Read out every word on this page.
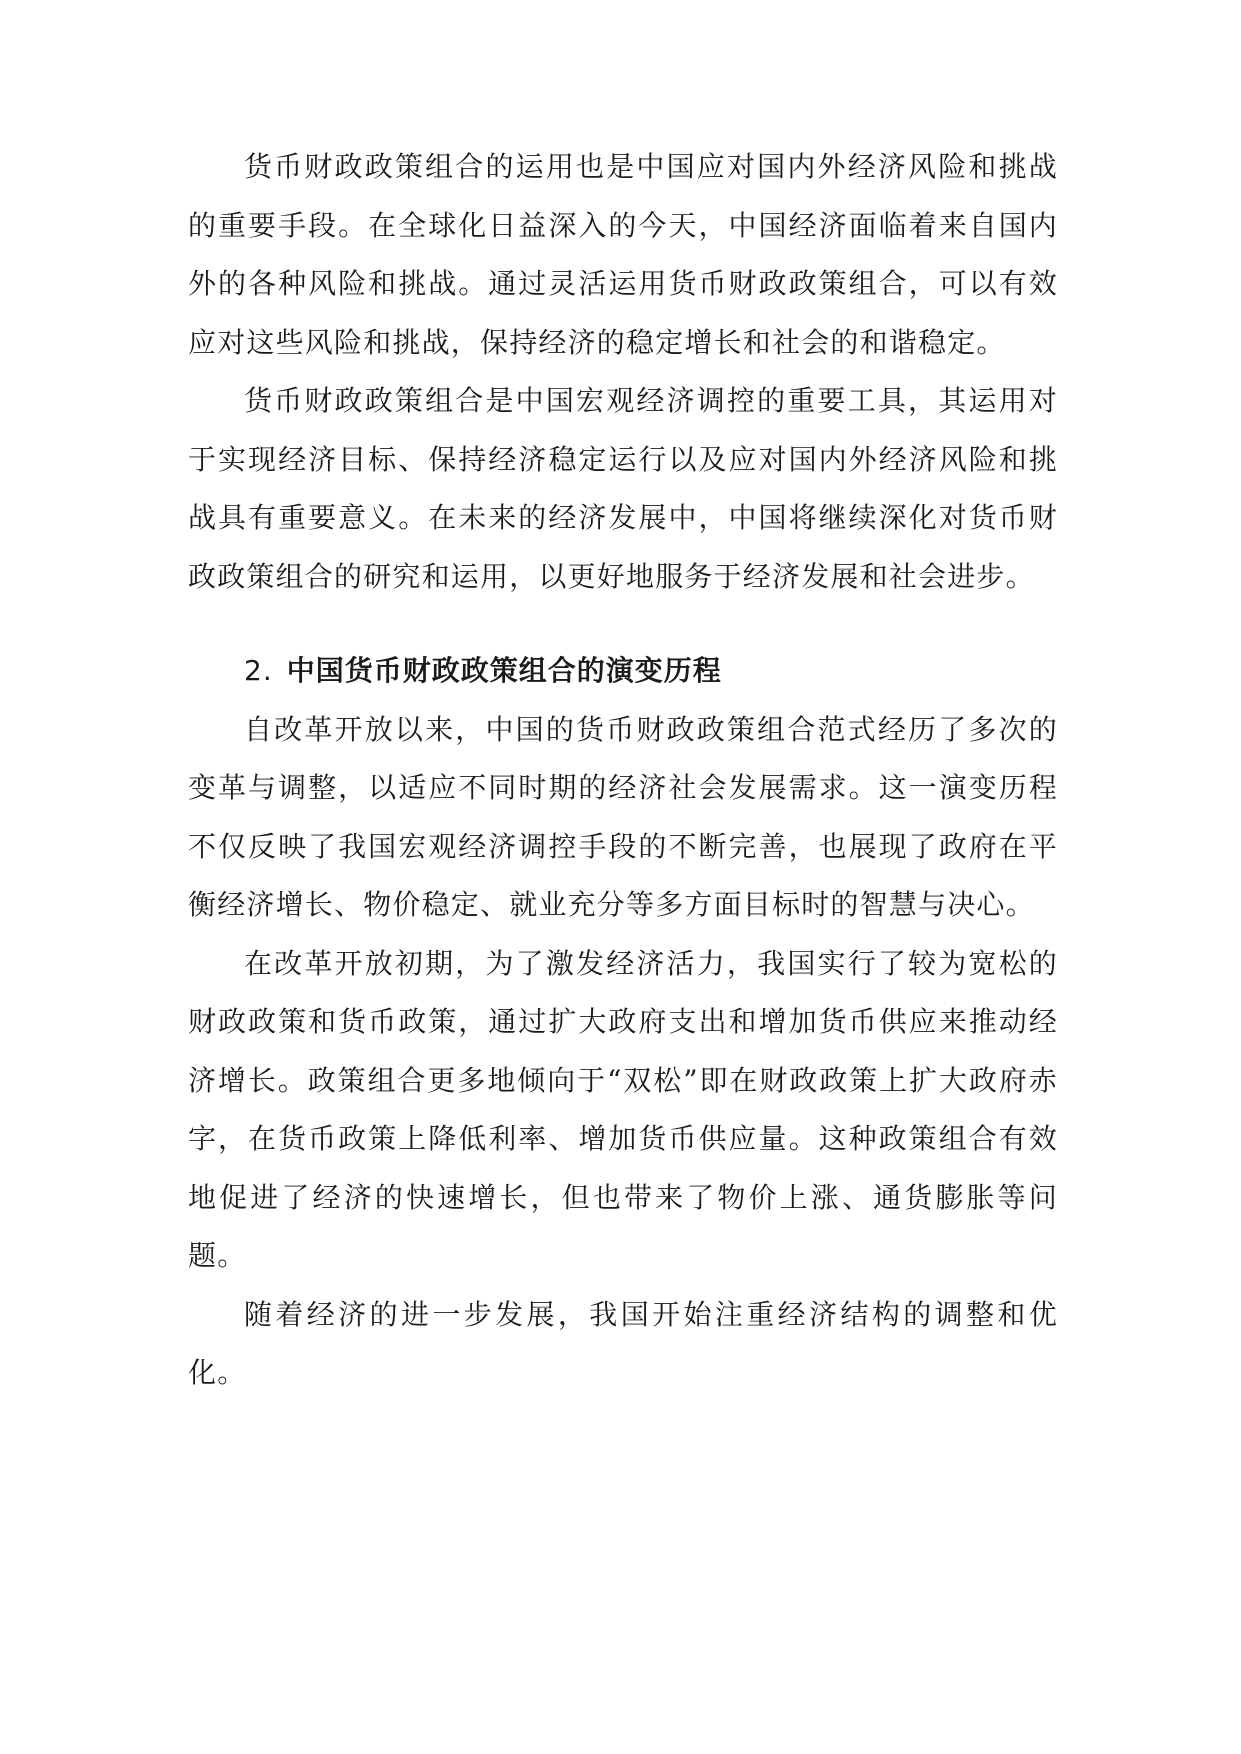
货币财政政策组合的运用也是中国应对国内外经济风险和挑战的重要手段。在全球化日益深入的今天，中国经济面临着来自国内外的各种风险和挑战。通过灵活运用货币财政政策组合，可以有效应对这些风险和挑战，保持经济的稳定增长和社会的和谐稳定。

货币财政政策组合是中国宏观经济调控的重要工具，其运用对于实现经济目标、保持经济稳定运行以及应对国内外经济风险和挑战具有重要意义。在未来的经济发展中，中国将继续深化对货币财政政策组合的研究和运用，以更好地服务于经济发展和社会进步。

2. 中国货币财政政策组合的演变历程

自改革开放以来，中国的货币财政政策组合范式经历了多次的变革与调整，以适应不同时期的经济社会发展需求。这一演变历程不仅反映了我国宏观经济调控手段的不断完善，也展现了政府在平衡经济增长、物价稳定、就业充分等多方面目标时的智慧与决心。

在改革开放初期，为了激发经济活力，我国实行了较为宽松的财政政策和货币政策，通过扩大政府支出和增加货币供应来推动经济增长。政策组合更多地倾向于“双松”即在财政政策上扩大政府赤字，在货币政策上降低利率、增加货币供应量。这种政策组合有效地促进了经济的快速增长，但也带来了物价上涨、通货膨胀等问题。

随着经济的进一步发展，我国开始注重经济结构的调整和优化。
